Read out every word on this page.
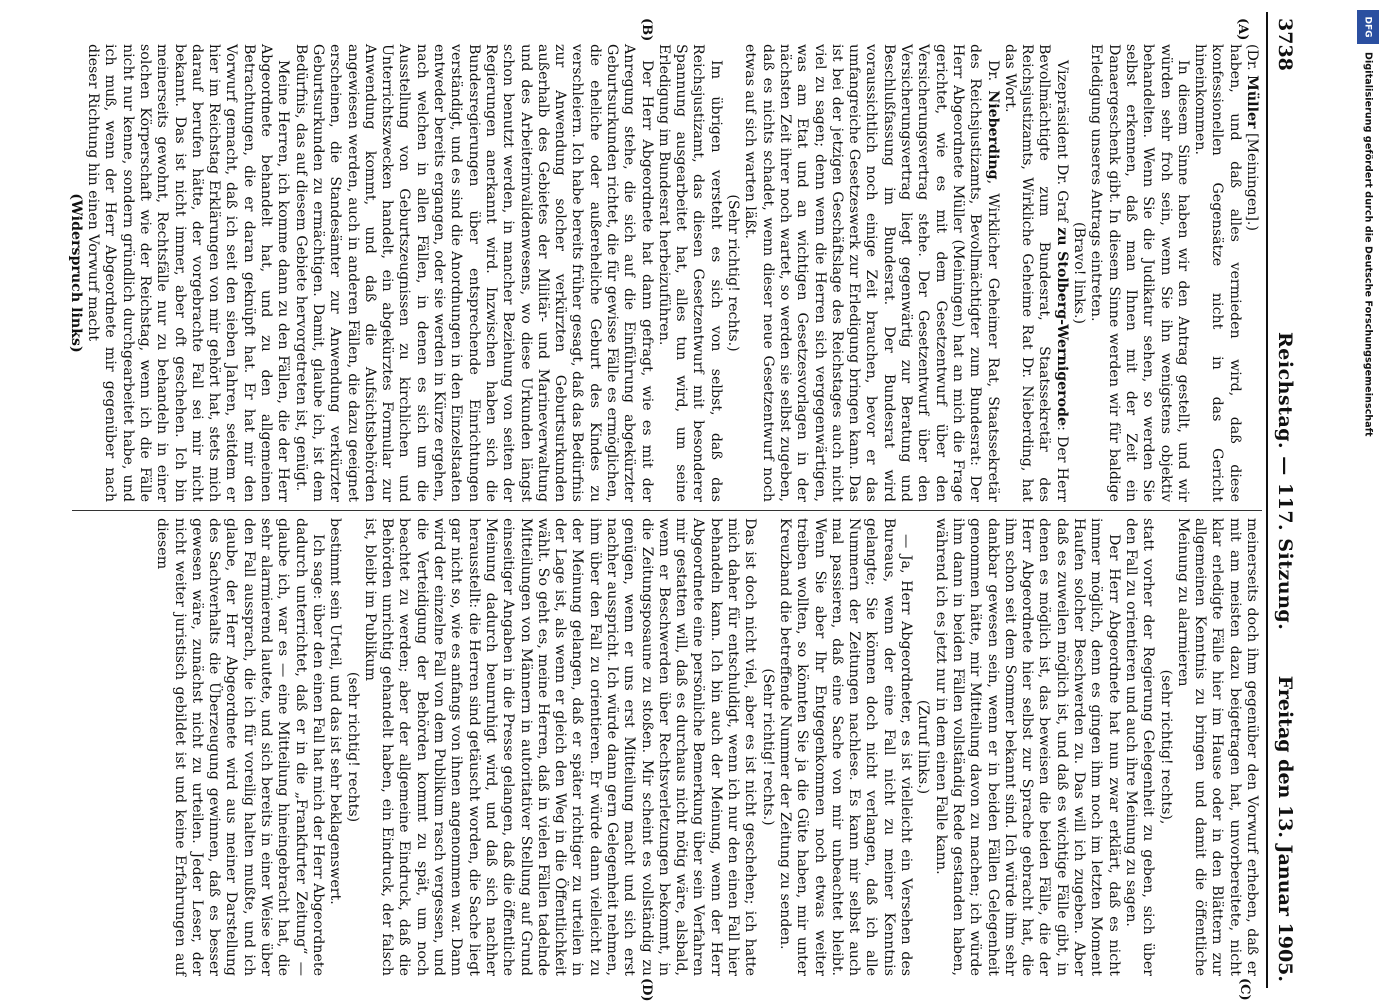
DFG
Digitalisierung gefördert durch die Deutsche Forschungsgemeinschaft
3738
Reichstag. — 117. Sitzung.
Freitag den 13. Januar 1905.
(A)
(B)
(C)
(D)

(Dr. Müller [Meiningen].)

haben, und daß alles vermieden wird, daß diese konfessionellen Gegensätze nicht in das Gericht hineinkommen.

In diesem Sinne haben wir den Antrag gestellt, und wir würden sehr froh sein, wenn Sie ihn wenigstens objektiv behandelten. Wenn Sie die Judikatur sehen, so werden Sie selbst erkennen, daß man Ihnen mit der Zeit ein Danaergeschenk gibt. In diesem Sinne werden wir für baldige Erledigung unseres Antrags eintreten.

(Bravo! links.)

Vizepräsident Dr. Graf zu Stolberg-Wernigerode: Der Herr Bevollmächtigte zum Bundesrat, Staatssekretär des Reichsjustizamts, Wirkliche Geheime Rat Dr. Nieberding, hat das Wort.

Dr. Nieberding, Wirklicher Geheimer Rat, Staatssekretär des Reichsjustizamts, Bevollmächtigter zum Bundesrat: Der Herr Abgeordnete Müller (Meiningen) hat an mich die Frage gerichtet, wie es mit dem Gesetzentwurf über den Versicherungsvertrag stehe. Der Gesetzentwurf über den Versicherungsvertrag liegt gegenwärtig zur Beratung und Beschlußfassung im Bundesrat. Der Bundesrat wird voraussichtlich noch einige Zeit brauchen, bevor er das umfangreiche Gesetzeswerk zur Erledigung bringen kann. Das ist bei der jetzigen Geschäftslage des Reichstages auch nicht viel zu sagen; denn wenn die Herren sich vergegenwärtigen, was am Etat und an wichtigen Gesetzesvorlagen in der nächsten Zeit ihrer noch wartet, so werden sie selbst zugeben, daß es nichts schadet, wenn dieser neue Gesetzentwurf noch etwas auf sich warten läßt.

(Sehr richtig! rechts.)

Im übrigen versteht es sich von selbst, daß das Reichsjustizamt, das diesen Gesetzentwurf mit besonderer Spannung ausgearbeitet hat, alles tun wird, um seine Erledigung im Bundesrat herbeizuführen.

Der Herr Abgeordnete hat dann gefragt, wie es mit der Anregung stehe, die sich auf die Einführung abgekürzter Geburtsurkunden richtet, die für gewisse Fälle es ermöglichen, die eheliche oder außereheliche Geburt des Kindes zu verschleiern. Ich habe bereits früher gesagt, daß das Bedürfnis zur Anwendung solcher verkürzten Geburtsurkunden außerhalb des Gebietes der Militär- und Marineverwaltung und des Arbeiterinvalidenwesens, wo diese Urkunden längst schon benutzt werden, in mancher Beziehung von seiten der Regierungen anerkannt wird. Inzwischen haben sich die Bundesregierungen über entsprechende Einrichtungen verständigt, und es sind die Anordnungen in den Einzelstaaten entweder bereits ergangen, oder sie werden in Kürze ergehen, nach welchen in allen Fällen, in denen es sich um die Ausstellung von Geburtszeugnissen zu kirchlichen und Unterrichtszwecken handelt, ein abgekürztes Formular zur Anwendung kommt, und daß die Aufsichtsbehörden angewiesen werden, auch in anderen Fällen, die dazu geeignet erscheinen, die Standesämter zur Anwendung verkürzter Geburtsurkunden zu ermächtigen. Damit, glaube ich, ist dem Bedürfnis, das auf diesem Gebiete hervorgetreten ist, genügt.

Meine Herren, ich komme dann zu den Fällen, die der Herr Abgeordnete behandelt hat, und zu den allgemeinen Betrachtungen, die er daran geknüpft hat. Er hat mir den Vorwurf gemacht, daß ich seit den sieben Jahren, seitdem er hier im Reichstag Erklärungen von mir gehört hat, stets mich darauf berufen hätte, der vorgebrachte Fall sei mir nicht bekannt. Das ist nicht immer, aber oft geschehen. Ich bin meinerseits gewohnt, Rechtsfälle nur zu behandeln in einer solchen Körperschaft wie der Reichstag, wenn ich die Fälle nicht nur kenne, sondern gründlich durchgearbeitet habe, und ich muß, wenn der Herr Abgeordnete mir gegenüber nach dieser Richtung hin einen Vorwurf macht

(Widerspruch links)

meinerseits doch ihm gegenüber den Vorwurf erheben, daß er mit am meisten dazu beigetragen hat, unvorbereitete, nicht klar erledigte Fälle hier im Hause oder in den Blättern zur allgemeinen Kenntnis zu bringen und damit die öffentliche Meinung zu alarmieren

(sehr richtig! rechts),

statt vorher der Regierung Gelegenheit zu geben, sich über den Fall zu orientieren und auch ihre Meinung zu sagen.

Der Herr Abgeordnete hat nun zwar erklärt, daß es nicht immer möglich, denn es gingen ihm noch im letzten Moment Haufen solcher Beschwerden zu. Das will ich zugeben. Aber daß es zuweilen möglich ist, und daß es wichtige Fälle gibt, in denen es möglich ist, das beweisen die beiden Fälle, die der Herr Abgeordnete hier selbst zur Sprache gebracht hat, die ihm schon seit dem Sommer bekannt sind. Ich würde ihm sehr dankbar gewesen sein, wenn er in beiden Fällen Gelegenheit genommen hätte, mir Mitteilung davon zu machen; ich würde ihm dann in beiden Fällen vollständig Rede gestanden haben, während ich es jetzt nur in dem einen Falle kann.

(Zuruf links.)

— Ja, Herr Abgeordneter, es ist vielleicht ein Versehen des Bureaus, wenn der eine Fall nicht zu meiner Kenntnis gelangte; Sie können doch nicht verlangen, daß ich alle Nummern der Zeitungen nachlese. Es kann mir selbst auch mal passieren, daß eine Sache von mir unbeachtet bleibt. Wenn Sie aber Ihr Entgegenkommen noch etwas weiter treiben wollten, so könnten Sie ja die Güte haben, mir unter Kreuzband die betreffende Nummer der Zeitung zu senden.

(Sehr richtig! rechts.)

Das ist doch nicht viel, aber es ist nicht geschehen; ich hatte mich daher für entschuldigt, wenn ich nur den einen Fall hier behandeln kann. Ich bin auch der Meinung, wenn der Herr Abgeordnete eine persönliche Bemerkung über sein Verfahren mir gestatten will, daß es durchaus nicht nötig wäre, alsbald, wenn er Beschwerden über Rechtsverletzungen bekommt, in die Zeitungsposaune zu stoßen. Mir scheint es vollständig zu genügen, wenn er uns erst Mitteilung macht und sich erst nachher ausspricht. Ich würde dann gern Gelegenheit nehmen, ihm über den Fall zu orientieren. Er würde dann vielleicht zu der Meinung gelangen, daß er später richtiger zu urteilen in der Lage ist, als wenn er gleich den Weg in die Öffentlichkeit wählt. So geht es, meine Herren, daß in vielen Fällen tadelnde Mitteilungen von Männern in autoritativer Stellung auf Grund einseitiger Angaben in die Presse gelangen, daß die öffentliche Meinung dadurch beunruhigt wird, und daß sich nachher herausstellt: die Herren sind getäuscht worden, die Sache liegt gar nicht so, wie es anfangs von ihnen angenommen war. Dann wird der einzelne Fall von dem Publikum rasch vergessen, und die Verteidigung der Behörden kommt zu spät, um noch beachtet zu werden; aber der allgemeine Eindruck, daß die Behörden unrichtig gehandelt haben, ein Eindruck, der falsch ist, bleibt im Publikum

(sehr richtig! rechts)

bestimmt sein Urteil, und das ist sehr beklagenswert.

Ich sage: über den einen Fall hat mich der Herr Abgeordnete dadurch unterrichtet, daß er in die „Frankfurter Zeitung“ — glaube ich, war es — eine Mitteilung hineingebracht hat, die sehr alarmierend lautete, und sich bereits in einer Weise über den Fall aussprach, die ich für voreilig halten mußte, und ich glaube, der Herr Abgeordnete wird aus meiner Darstellung des Sachverhalts die Überzeugung gewinnen, daß es besser gewesen wäre, zunächst nicht zu urteilen. Jeder Leser, der nicht weiter juristisch gebildet ist und keine Erfahrungen auf diesem
